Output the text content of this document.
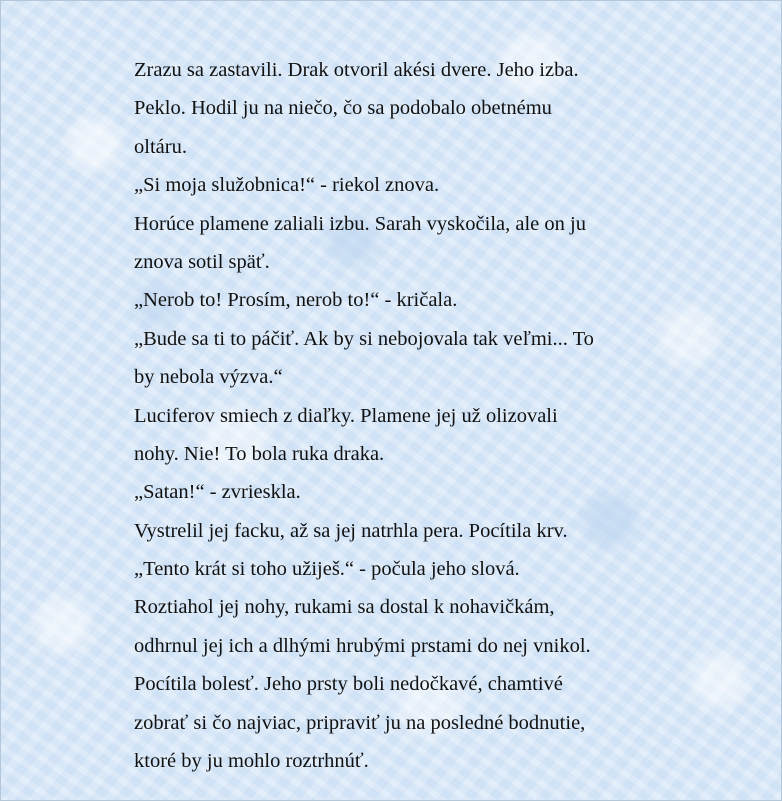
Zrazu sa zastavili. Drak otvoril akési dvere. Jeho izba.

Peklo. Hodil ju na niečo, čo sa podobalo obetnému

oltáru.

„Si moja služobnica!“ - riekol znova.

Horúce plamene zaliali izbu. Sarah vyskočila, ale on ju

znova sotil späť.

„Nerob to! Prosím, nerob to!“ - kričala.

„Bude sa ti to páčiť. Ak by si nebojovala tak veľmi... To

by nebola výzva.“

Luciferov smiech z diaľky. Plamene jej už olizovali

nohy. Nie! To bola ruka draka.

„Satan!“ - zvrieskla.

Vystrelil jej facku, až sa jej natrhla pera. Pocítila krv.

„Tento krát si toho užiješ.“ - počula jeho slová.

Roztiahol jej nohy, rukami sa dostal k nohavičkám,

odhrnul jej ich a dlhými hrubými prstami do nej vnikol.

Pocítila bolesť. Jeho prsty boli nedočkavé, chamtivé

zobrať si čo najviac, pripraviť ju na posledné bodnutie,

ktoré by ju mohlo roztrhnúť.
